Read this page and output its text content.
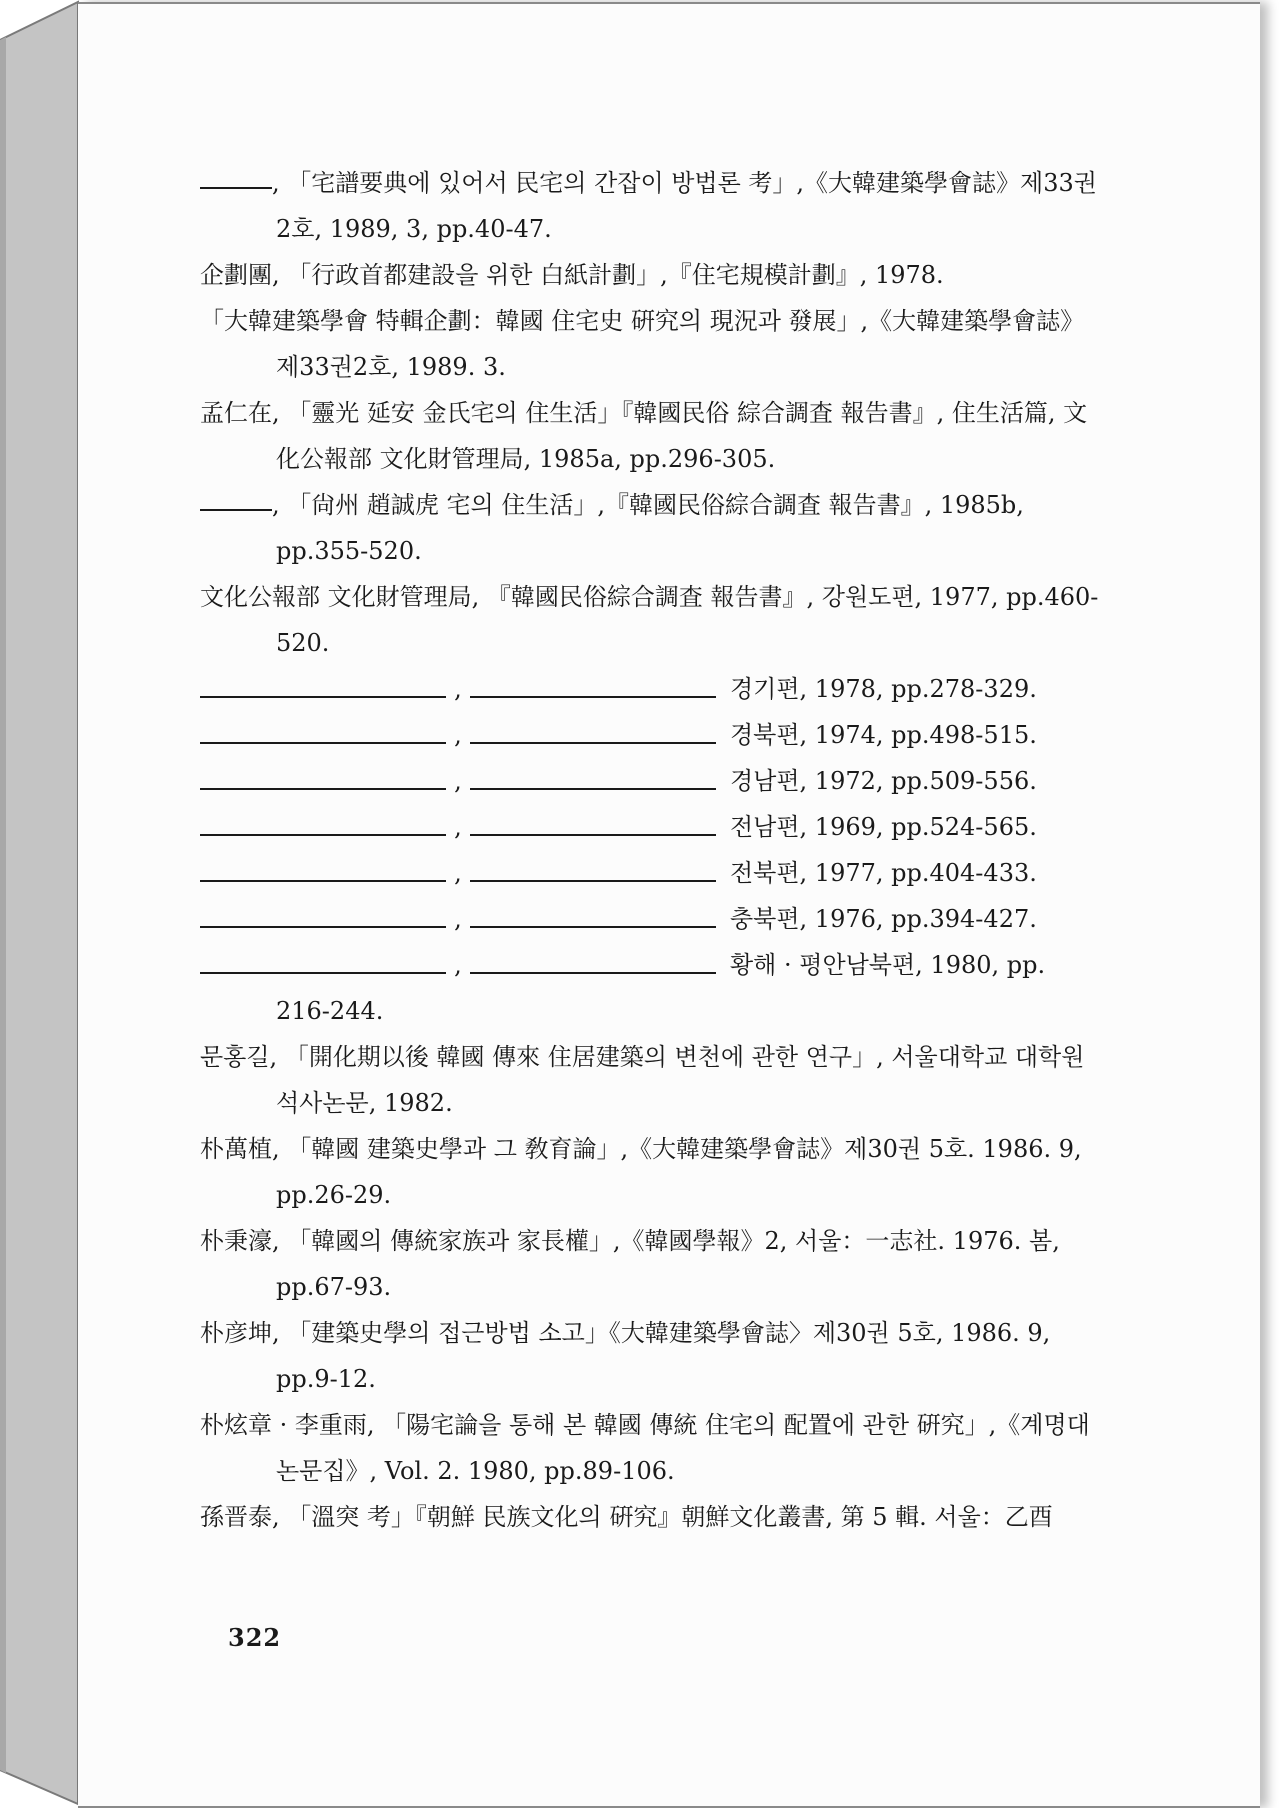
, 「宅譜要典에 있어서 民宅의 간잡이 방법론 考」,《大韓建築學會誌》제33권 2호, 1989, 3, pp.40-47.
企劃團, 「行政首都建設을 위한 白紙計劃」,『住宅規模計劃』, 1978.
「大韓建築學會 特輯企劃：韓國 住宅史 硏究의 現況과 發展」,《大韓建築學會誌》제33권2호, 1989. 3.
孟仁在, 「靈光 延安 金氏宅의 住生活」『韓國民俗 綜合調査 報告書』, 住生活篇, 文化公報部 文化財管理局, 1985a, pp.296-305.
, 「尙州 趙誠虎 宅의 住生活」,『韓國民俗綜合調査 報告書』, 1985b, pp.355-520.
文化公報部 文化財管理局, 『韓國民俗綜合調査 報告書』, 강원도편, 1977, pp.460-520.
,	경기편, 1978, pp.278-329.
,	경북편, 1974, pp.498-515.
,	경남편, 1972, pp.509-556.
,	전남편, 1969, pp.524-565.
,	전북편, 1977, pp.404-433.
,	충북편, 1976, pp.394-427.
,	황해 · 평안남북편, 1980, pp.
216-244.
문홍길, 「開化期以後 韓國 傳來 住居建築의 변천에 관한 연구」, 서울대학교 대학원 석사논문, 1982.
朴萬植, 「韓國 建築史學과 그 敎育論」,《大韓建築學會誌》제30권 5호. 1986. 9, pp.26-29.
朴秉濠, 「韓國의 傳統家族과 家長權」,《韓國學報》2, 서울：一志社. 1976. 봄, pp.67-93.
朴彦坤, 「建築史學의 접근방법 소고」《大韓建築學會誌〉제30권 5호, 1986. 9, pp.9-12.
朴炫章 · 李重雨, 「陽宅論을 통해 본 韓國 傳統 住宅의 配置에 관한 硏究」,《계명대 논문집》, Vol. 2. 1980, pp.89-106.
孫晋泰, 「溫突 考」『朝鮮 民族文化의 硏究』朝鮮文化叢書, 第 5 輯. 서울：乙酉
322
